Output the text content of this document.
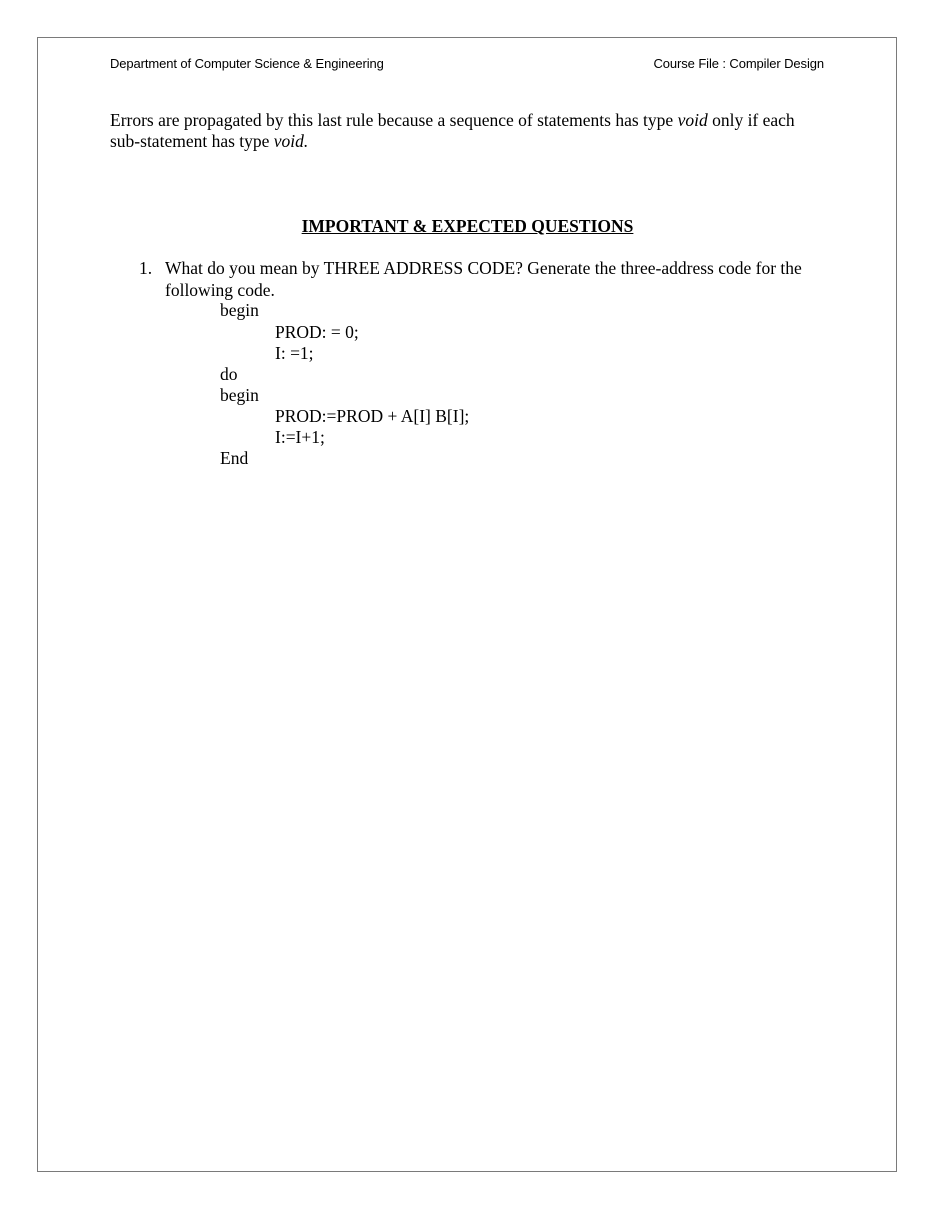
Department of Computer Science & Engineering	Course File : Compiler Design
Errors are propagated by this last rule because a sequence of statements has type void only if each sub-statement has type void.
IMPORTANT & EXPECTED QUESTIONS
1. What do you mean by THREE ADDRESS CODE? Generate the three-address code for the following code.
begin
PROD: = 0;
I: =1;
do
begin
PROD:=PROD + A[I] B[I];
I:=I+1;
End
